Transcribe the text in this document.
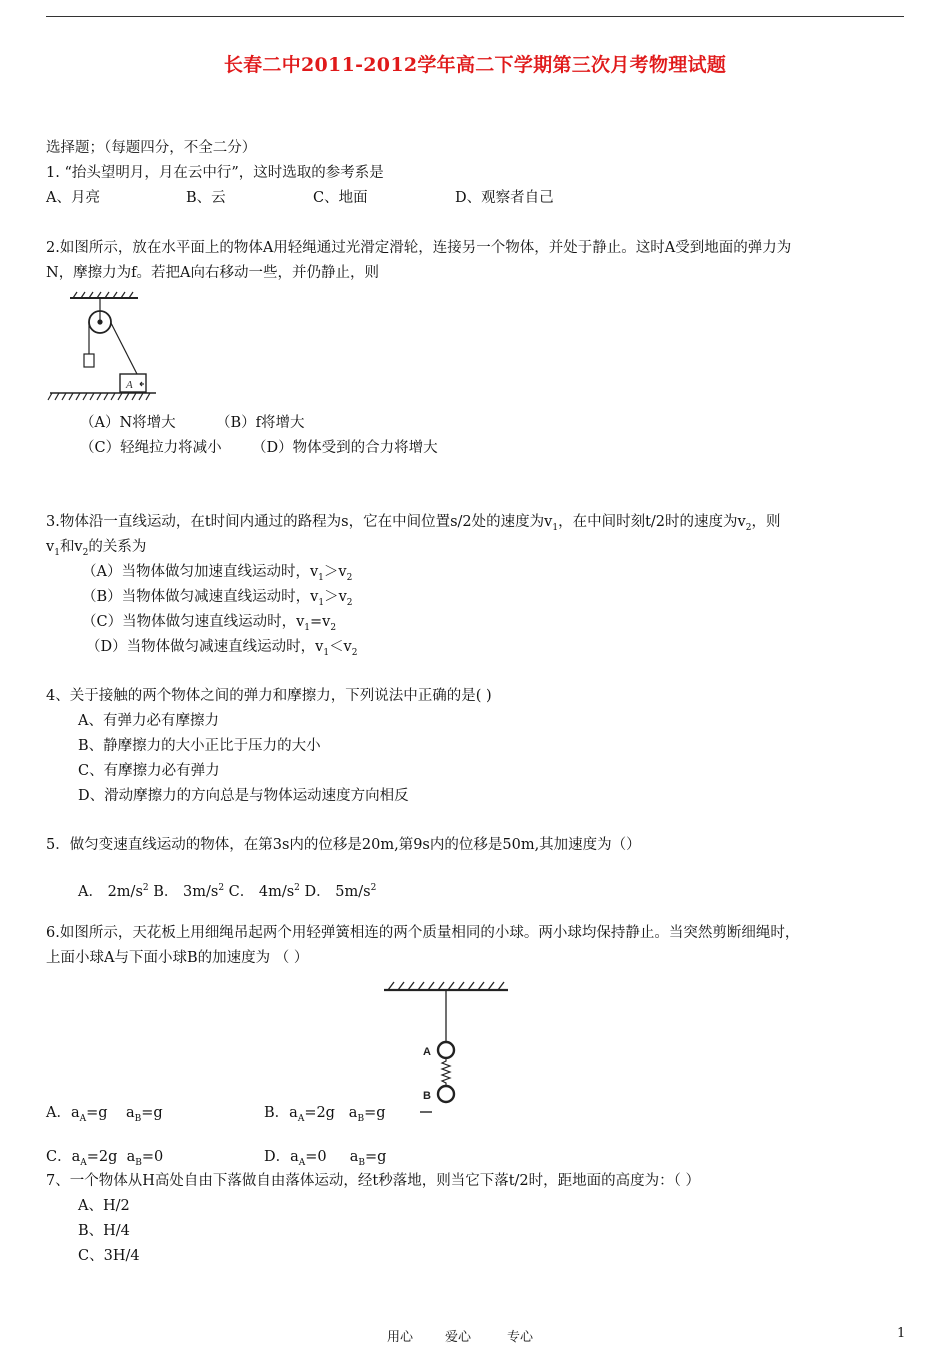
长春二中2011-2012学年高二下学期第三次月考物理试题
选择题；（每题四分，不全二分）
1. “抬头望明月，月在云中行”，这时选取的参考系是
A、月亮	B、云	C、地面	D、观察者自己
2.如图所示，放在水平面上的物体A用轻绳通过光滑定滑轮，连接另一个物体，并处于静止。这时A受到地面的弹力为
N，摩擦力为f。若把A向右移动一些，并仍静止，则
A
（A）N将增大	（B）f将增大
（C）轻绳拉力将减小 （D）物体受到的合力将增大
3.物体沿一直线运动，在t时间内通过的路程为s，它在中间位置s/2处的速度为$v_1$，在中间时刻t/2时的速度为$v_2$，则
$v_1$和$v_2$的关系为
（A）当物体做匀加速直线运动时，$v_1>v_2$
（B）当物体做匀减速直线运动时，$v_1>v_2$
（C）当物体做匀速直线运动时，$v_1=v_2$
（D）当物体做匀减速直线运动时，$v_1<v_2$
4、关于接触的两个物体之间的弹力和摩擦力，下列说法中正确的是( )
A、有弹力必有摩擦力
B、静摩擦力的大小正比于压力的大小
C、有摩擦力必有弹力
D、滑动摩擦力的方向总是与物体运动速度方向相反
5．做匀变速直线运动的物体，在第3s内的位移是20m,第9s内的位移是50m,其加速度为（）
A． $2m/s^2$ B． $3m/s^2$ C． $4m/s^2$ D． $5m/s^2$
6.如图所示，天花板上用细绳吊起两个用轻弹簧相连的两个质量相同的小球。两小球均保持静止。当突然剪断细绳时，
上面小球A与下面小球B的加速度为 （ ）
A
B
A．$a_A=g$    $a_B=g$	B．$a_A=2g$   $a_B=g$
C．$a_A=2g$  $a_B=0$	D．$a_A=0$     $a_B=g$
7、一个物体从H高处自由下落做自由落体运动，经t秒落地，则当它下落t/2时，距地面的高度为：（ ）
A、H/2
B、H/4
C、3H/4
用心 爱心	专心	1
